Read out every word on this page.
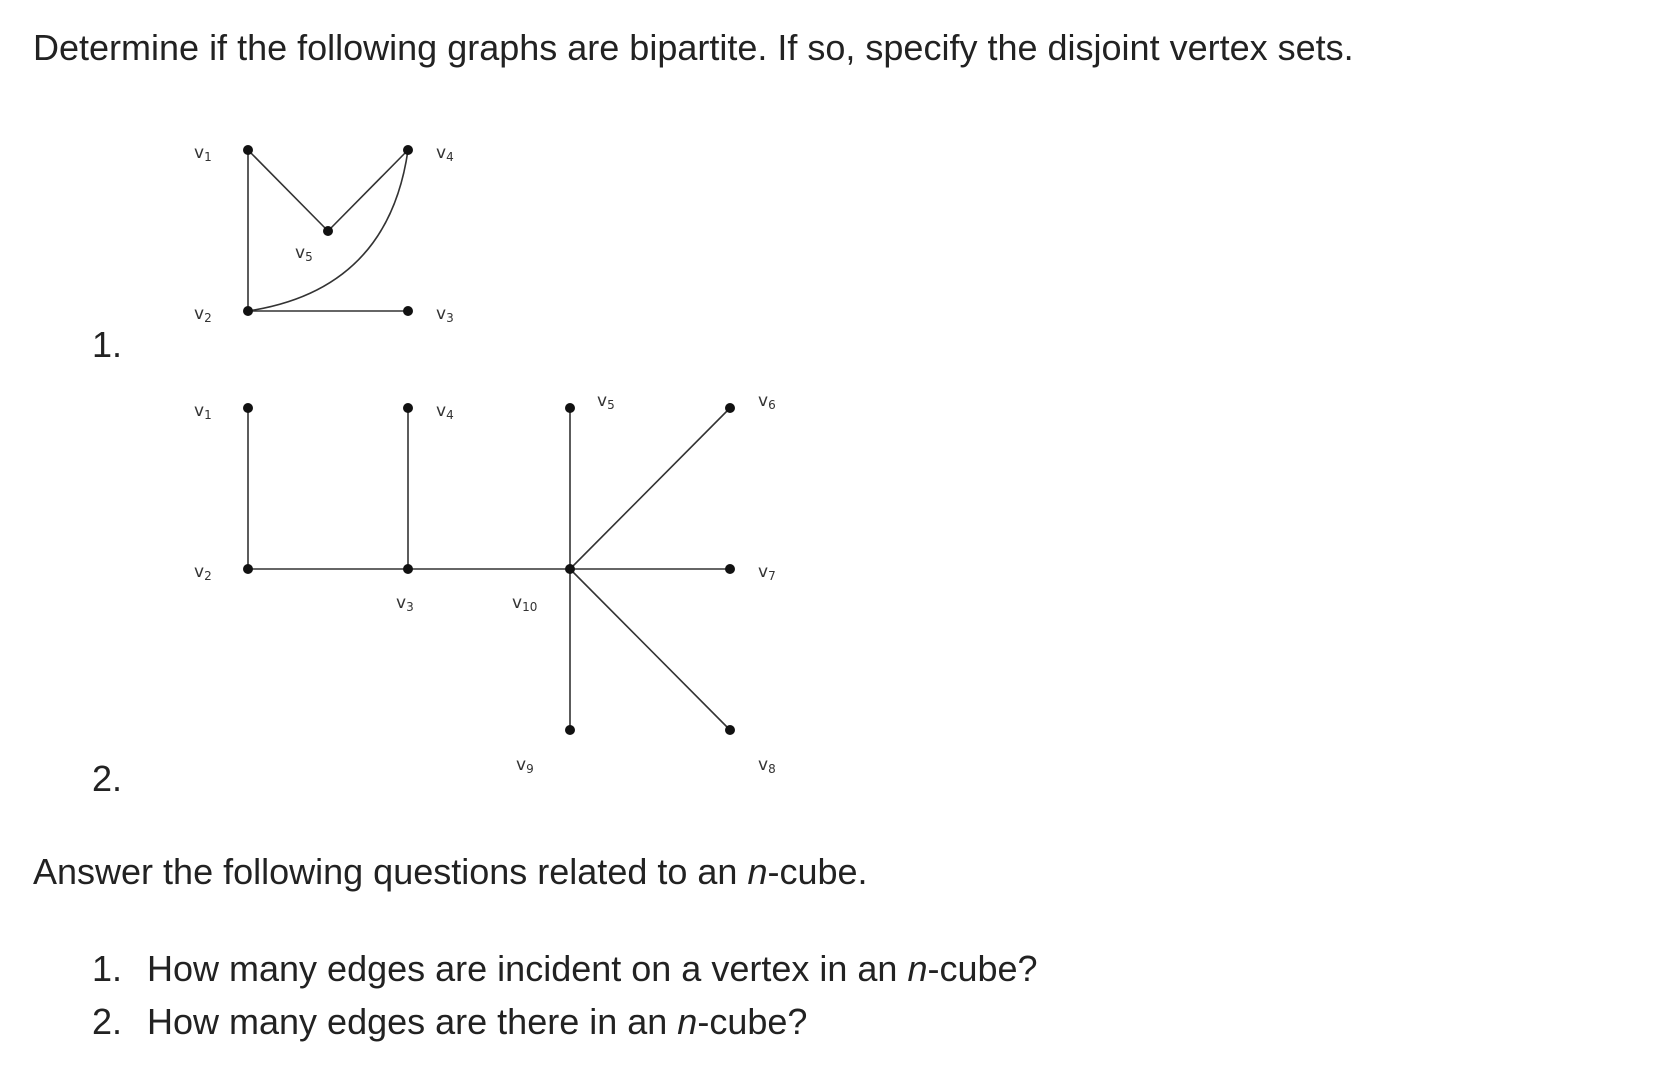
Determine if the following graphs are bipartite. If so, specify the disjoint vertex sets.

1.
2.
v1
v2	v3
v4
v5
v1
v2
v3
v4
v5	v6
v7
v8
v9
v10

Answer the following questions related to an n-cube.

1. How many edges are incident on a vertex in an n-cube?
2. How many edges are there in an n-cube?
